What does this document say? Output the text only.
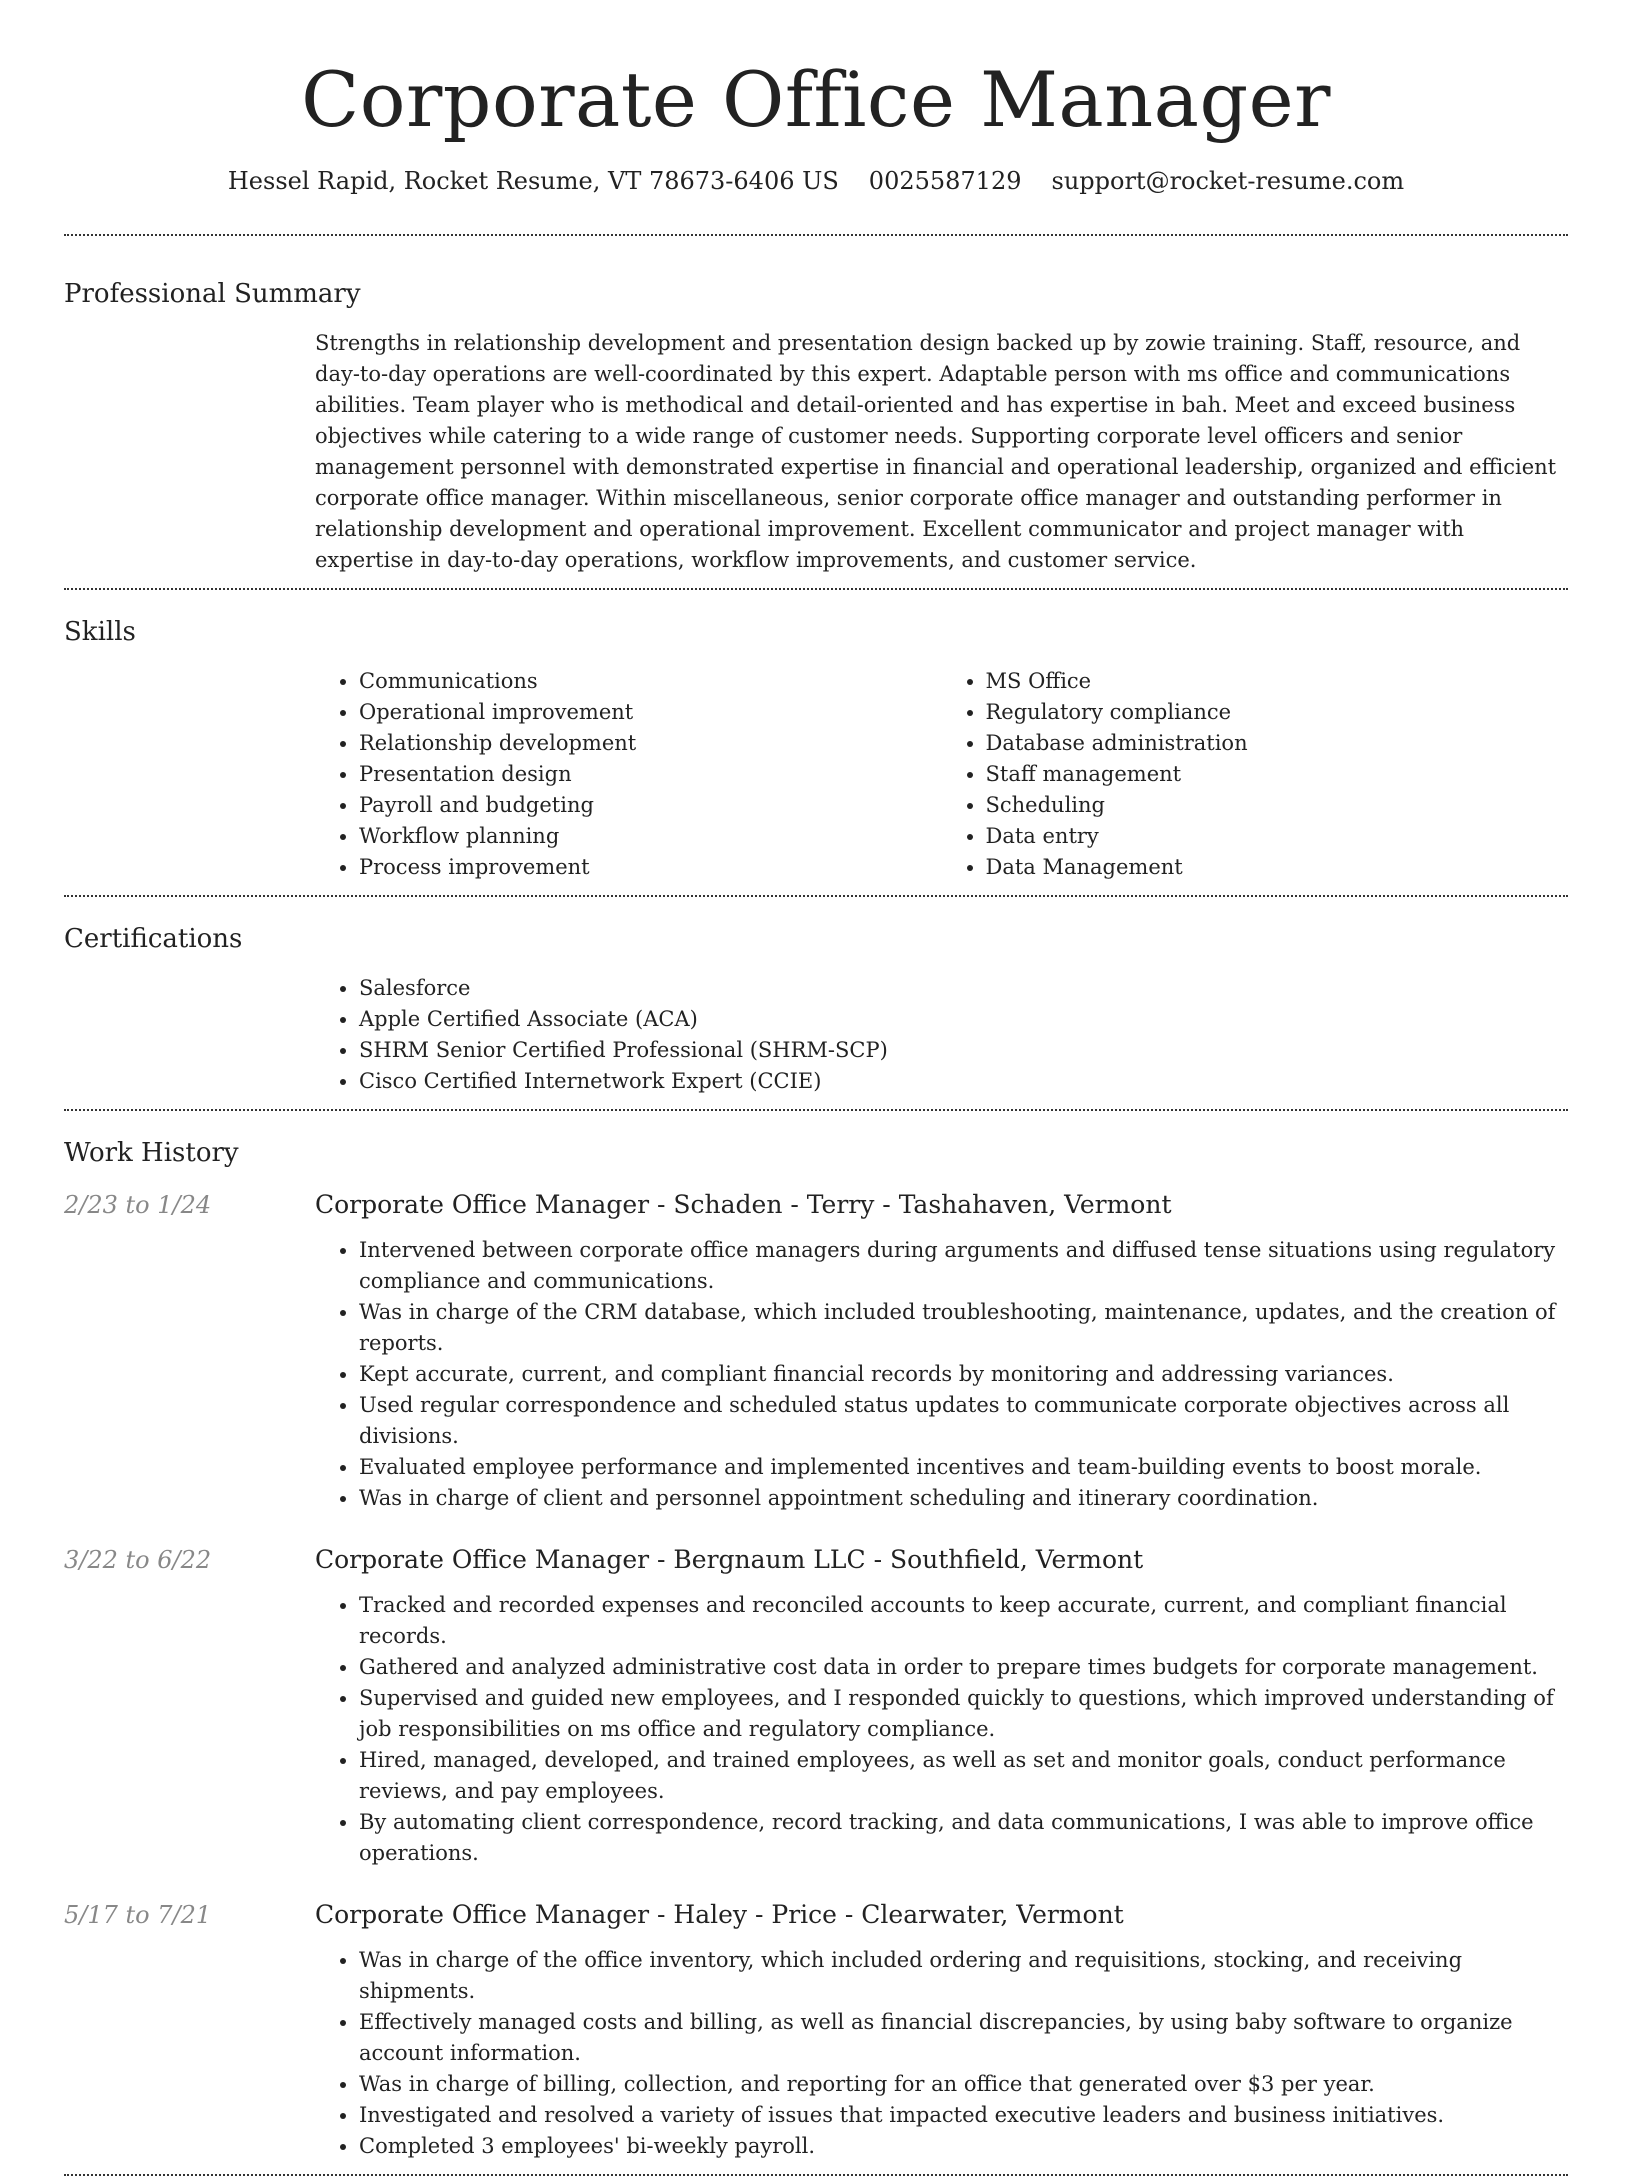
Corporate Office Manager
Hessel Rapid, Rocket Resume, VT 78673-6406 US 0025587129 support@rocket-resume.com
Professional Summary

Strengths in relationship development and presentation design backed up by zowie training. Staff, resource, and day-to-day operations are well-coordinated by this expert. Adaptable person with ms office and communications abilities. Team player who is methodical and detail-oriented and has expertise in bah. Meet and exceed business objectives while catering to a wide range of customer needs. Supporting corporate level officers and senior management personnel with demonstrated expertise in financial and operational leadership, organized and efficient corporate office manager. Within miscellaneous, senior corporate office manager and outstanding performer in relationship development and operational improvement. Excellent communicator and project manager with expertise in day-to-day operations, workflow improvements, and customer service.

Skills
• Communications
• Operational improvement
• Relationship development
• Presentation design
• Payroll and budgeting
• Workflow planning
• Process improvement
• MS Office
• Regulatory compliance
• Database administration
• Staff management
• Scheduling
• Data entry
• Data Management
Certifications
• Salesforce
• Apple Certified Associate (ACA)
• SHRM Senior Certified Professional (SHRM-SCP)
• Cisco Certified Internetwork Expert (CCIE)
Work History
2/23 to 1/24	Corporate Office Manager - Schaden - Terry - Tashahaven, Vermont
• Intervened between corporate office managers during arguments and diffused tense situations using regulatory compliance and communications.
• Was in charge of the CRM database, which included troubleshooting, maintenance, updates, and the creation of reports.
• Kept accurate, current, and compliant financial records by monitoring and addressing variances.
• Used regular correspondence and scheduled status updates to communicate corporate objectives across all divisions.
• Evaluated employee performance and implemented incentives and team-building events to boost morale.
• Was in charge of client and personnel appointment scheduling and itinerary coordination.
3/22 to 6/22	Corporate Office Manager - Bergnaum LLC - Southfield, Vermont
• Tracked and recorded expenses and reconciled accounts to keep accurate, current, and compliant financial records.
• Gathered and analyzed administrative cost data in order to prepare times budgets for corporate management.
• Supervised and guided new employees, and I responded quickly to questions, which improved understanding of job responsibilities on ms office and regulatory compliance.
• Hired, managed, developed, and trained employees, as well as set and monitor goals, conduct performance reviews, and pay employees.
• By automating client correspondence, record tracking, and data communications, I was able to improve office operations.
5/17 to 7/21	Corporate Office Manager - Haley - Price - Clearwater, Vermont
• Was in charge of the office inventory, which included ordering and requisitions, stocking, and receiving shipments.
• Effectively managed costs and billing, as well as financial discrepancies, by using baby software to organize account information.
• Was in charge of billing, collection, and reporting for an office that generated over $3 per year.
• Investigated and resolved a variety of issues that impacted executive leaders and business initiatives.
• Completed 3 employees' bi-weekly payroll.
